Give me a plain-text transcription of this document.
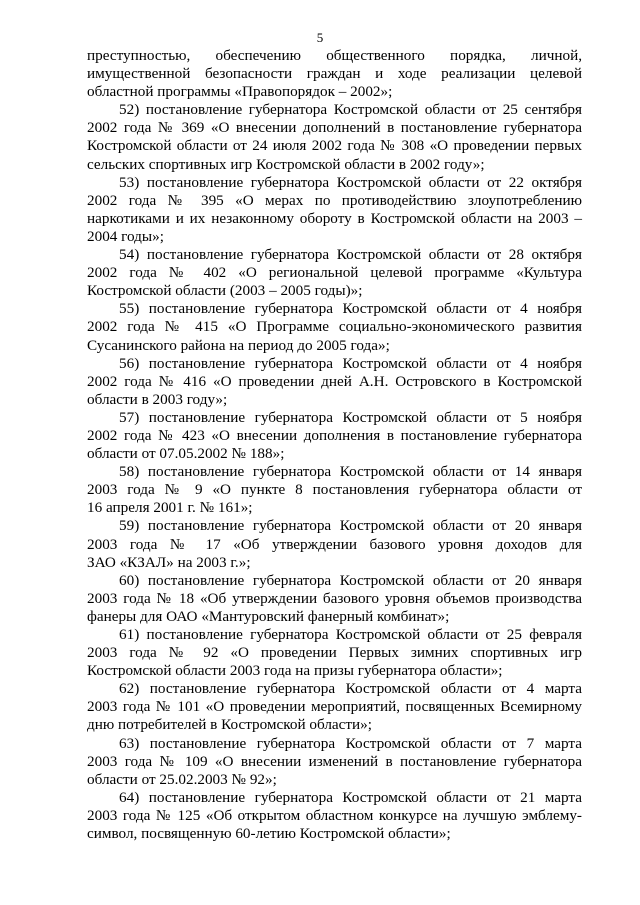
5
преступностью, обеспечению общественного порядка, личной,
имущественной безопасности граждан и ходе реализации целевой
областной программы «Правопорядок – 2002»;
52) постановление губернатора Костромской области от 25 сентября
2002 года № 369 «О внесении дополнений в постановление губернатора
Костромской области от 24 июля 2002 года № 308 «О проведении первых
сельских спортивных игр Костромской области в 2002 году»;
53) постановление губернатора Костромской области от 22 октября
2002 года № 395 «О мерах по противодействию злоупотреблению
наркотиками и их незаконному обороту в Костромской области на 2003 –
2004 годы»;
54) постановление губернатора Костромской области от 28 октября
2002 года № 402 «О региональной целевой программе «Культура
Костромской области (2003 – 2005 годы)»;
55) постановление губернатора Костромской области от 4 ноября
2002 года № 415 «О Программе социально-экономического развития
Сусанинского района на период до 2005 года»;
56) постановление губернатора Костромской области от 4 ноября
2002 года № 416 «О проведении дней А.Н. Островского в Костромской
области в 2003 году»;
57) постановление губернатора Костромской области от 5 ноября
2002 года № 423 «О внесении дополнения в постановление губернатора
области от 07.05.2002 № 188»;
58) постановление губернатора Костромской области от 14 января
2003 года № 9 «О пункте 8 постановления губернатора области от
16 апреля 2001 г. № 161»;
59) постановление губернатора Костромской области от 20 января
2003 года № 17 «Об утверждении базового уровня доходов для
ЗАО «КЗАЛ» на 2003 г.»;
60) постановление губернатора Костромской области от 20 января
2003 года № 18 «Об утверждении базового уровня объемов производства
фанеры для ОАО «Мантуровский фанерный комбинат»;
61) постановление губернатора Костромской области от 25 февраля
2003 года № 92 «О проведении Первых зимних спортивных игр
Костромской области 2003 года на призы губернатора области»;
62) постановление губернатора Костромской области от 4 марта
2003 года № 101 «О проведении мероприятий, посвященных Всемирному
дню потребителей в Костромской области»;
63) постановление губернатора Костромской области от 7 марта
2003 года № 109 «О внесении изменений в постановление губернатора
области от 25.02.2003 № 92»;
64) постановление губернатора Костромской области от 21 марта
2003 года № 125 «Об открытом областном конкурсе на лучшую эмблему-
символ, посвященную 60-летию Костромской области»;
